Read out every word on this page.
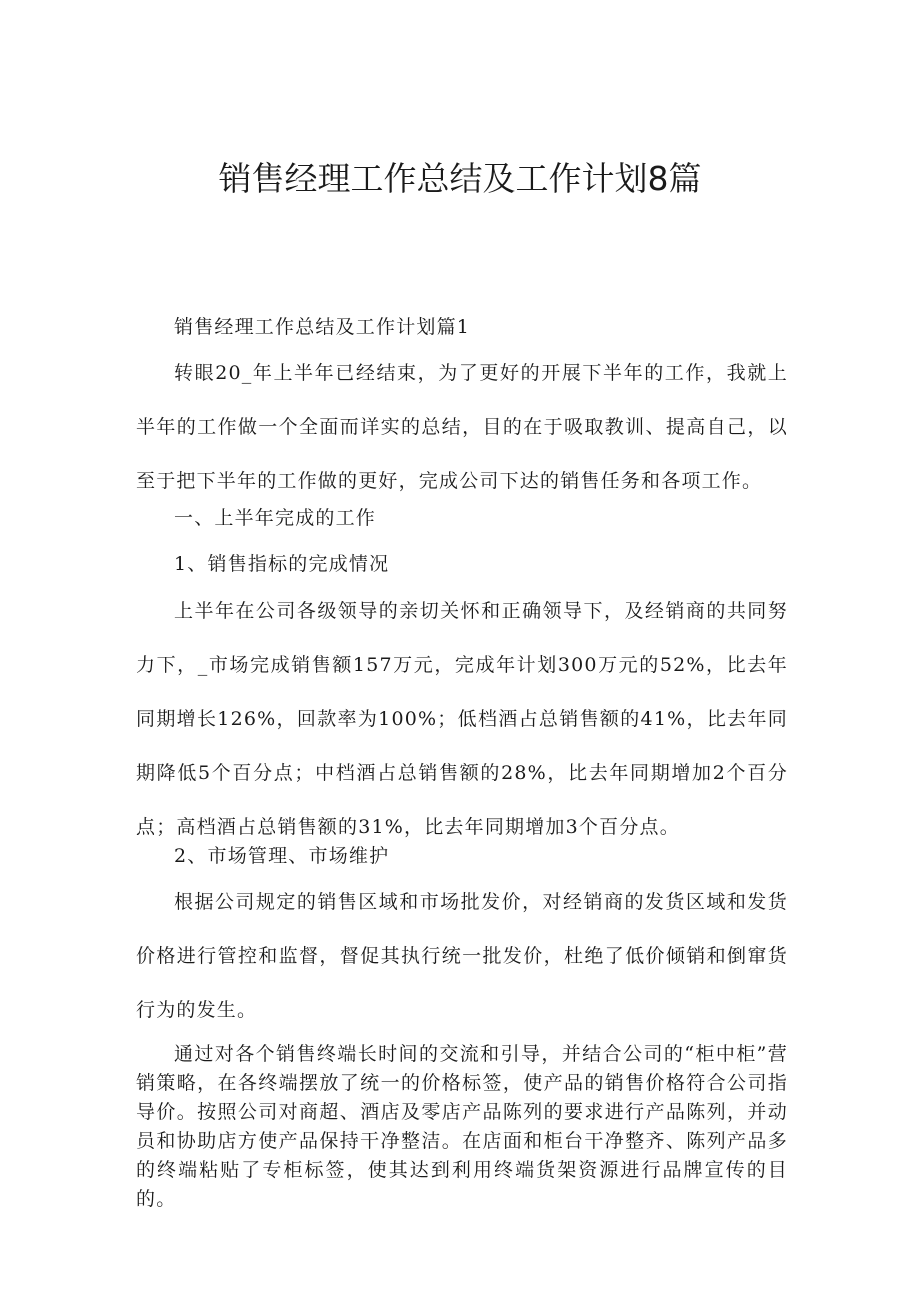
销售经理工作总结及工作计划8篇

销售经理工作总结及工作计划篇1

转眼20_年上半年已经结束，为了更好的开展下半年的工作，我就上半年的工作做一个全面而详实的总结，目的在于吸取教训、提高自己，以至于把下半年的工作做的更好，完成公司下达的销售任务和各项工作。

一、上半年完成的工作

1、销售指标的完成情况

上半年在公司各级领导的亲切关怀和正确领导下，及经销商的共同努力下，_市场完成销售额157万元，完成年计划300万元的52%，比去年同期增长126%，回款率为100%；低档酒占总销售额的41%，比去年同期降低5个百分点；中档酒占总销售额的28%，比去年同期增加2个百分点；高档酒占总销售额的31%，比去年同期增加3个百分点。

2、市场管理、市场维护

根据公司规定的销售区域和市场批发价，对经销商的发货区域和发货价格进行管控和监督，督促其执行统一批发价，杜绝了低价倾销和倒窜货行为的发生。

通过对各个销售终端长时间的交流和引导，并结合公司的“柜中柜”营销策略，在各终端摆放了统一的价格标签，使产品的销售价格符合公司指导价。按照公司对商超、酒店及零店产品陈列的要求进行产品陈列，并动员和协助店方使产品保持干净整洁。在店面和柜台干净整齐、陈列产品多的终端粘贴了专柜标签，使其达到利用终端货架资源进行品牌宣传的目的。
